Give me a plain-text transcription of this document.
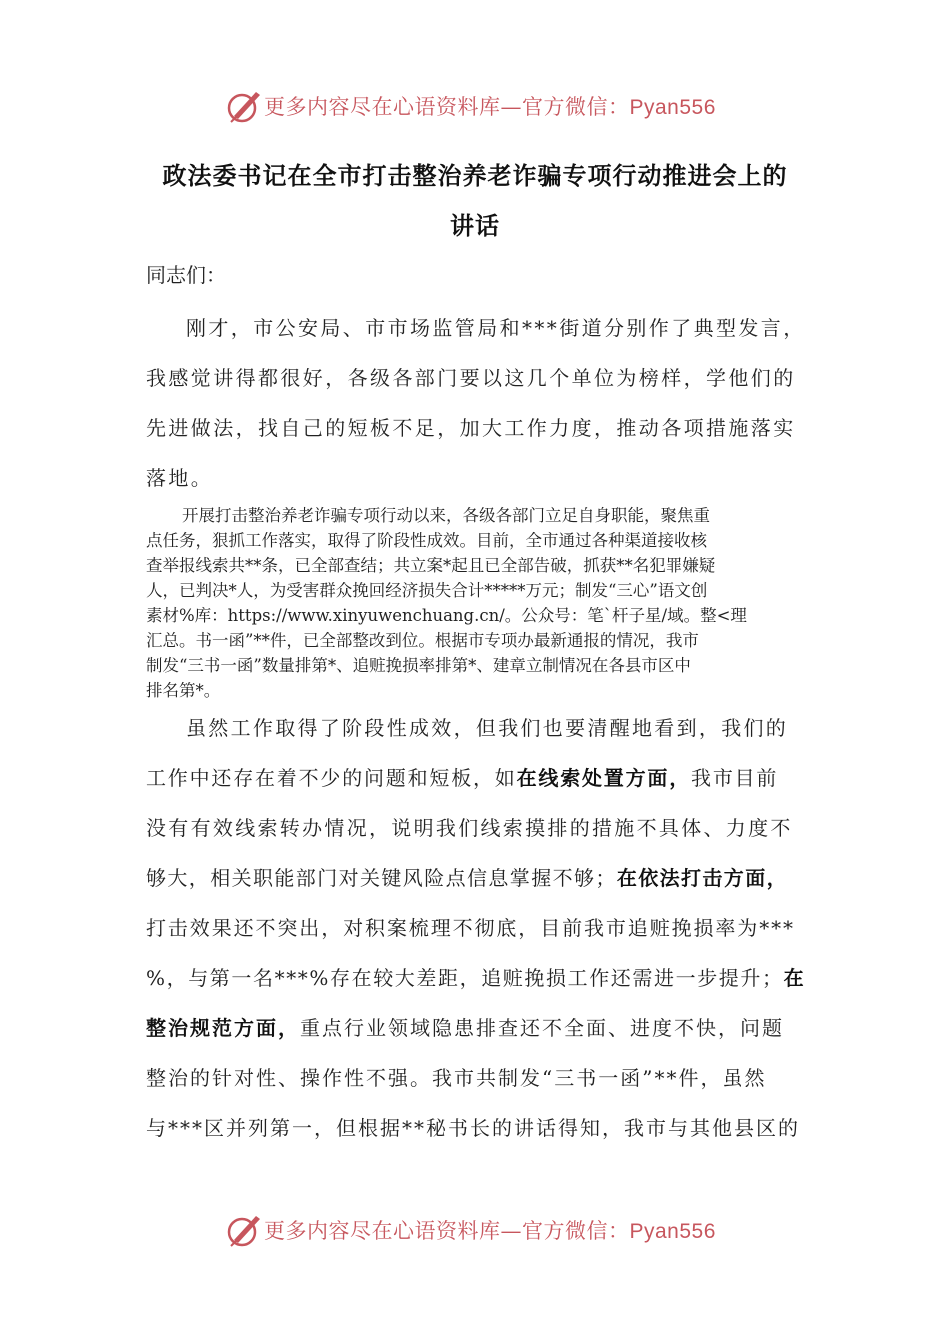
更多内容尽在心语资料库—官方微信：Pyan556
政法委书记在全市打击整治养老诈骗专项行动推进会上的
讲话
同志们：
刚才，市公安局、市市场监管局和***街道分别作了典型发言，
我感觉讲得都很好，各级各部门要以这几个单位为榜样，学他们的
先进做法，找自己的短板不足，加大工作力度，推动各项措施落实
落地。
开展打击整治养老诈骗专项行动以来，各级各部门立足自身职能，聚焦重
点任务，狠抓工作落实，取得了阶段性成效。目前，全市通过各种渠道接收核
查举报线索共**条，已全部查结；共立案*起且已全部告破，抓获**名犯罪嫌疑
人，已判决*人，为受害群众挽回经济损失合计*****万元；制发“三心”语文创
素材%库：https://www.xinyuwenchuang.cn/。公众号：笔`杆子星/域。整<理
汇总。书一函”**件，已全部整改到位。根据市专项办最新通报的情况，我市
制发“三书一函”数量排第*、追赃挽损率排第*、建章立制情况在各县市区中
排名第*。
虽然工作取得了阶段性成效，但我们也要清醒地看到，我们的
工作中还存在着不少的问题和短板，如在线索处置方面，我市目前
没有有效线索转办情况，说明我们线索摸排的措施不具体、力度不
够大，相关职能部门对关键风险点信息掌握不够；在依法打击方面，
打击效果还不突出，对积案梳理不彻底，目前我市追赃挽损率为***
%，与第一名***%存在较大差距，追赃挽损工作还需进一步提升；在
整治规范方面，重点行业领域隐患排查还不全面、进度不快，问题
整治的针对性、操作性不强。我市共制发“三书一函”**件，虽然
与***区并列第一，但根据**秘书长的讲话得知，我市与其他县区的
更多内容尽在心语资料库—官方微信：Pyan556
